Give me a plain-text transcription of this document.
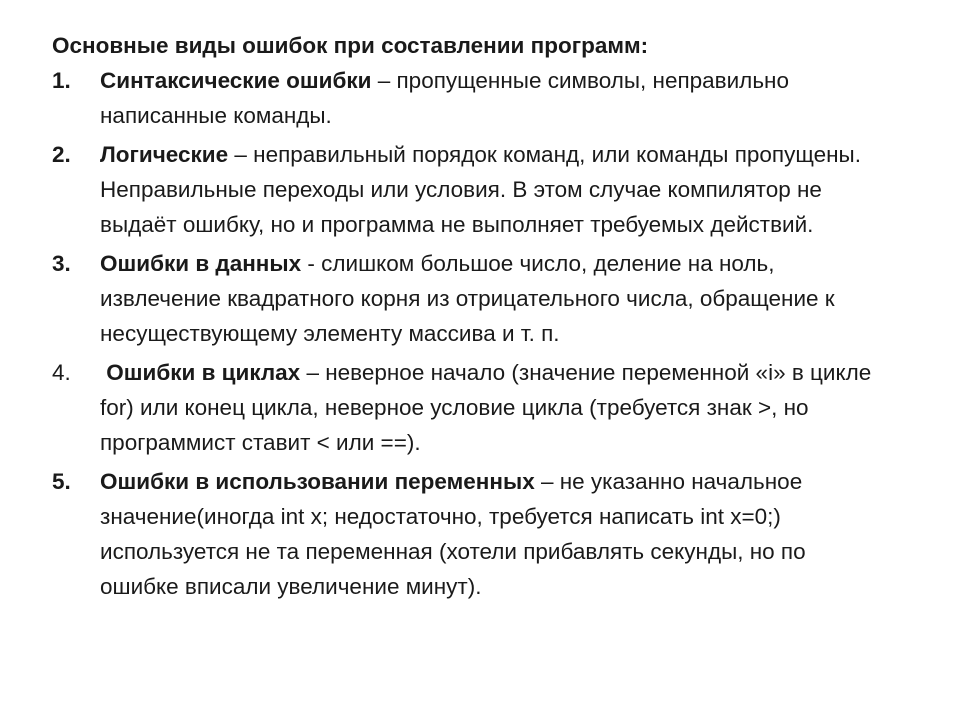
Основные виды ошибок при составлении программ:

1.	Синтаксические ошибки – пропущенные символы, неправильно написанные команды.
2.	Логические – неправильный порядок команд, или команды пропущены. Неправильные переходы или условия. В этом случае компилятор не выдаёт ошибку, но и программа не выполняет требуемых действий.
3.	Ошибки в данных - слишком большое число, деление на ноль, извлечение квадратного корня из отрицательного числа, обращение к несуществующему элементу массива и т. п.
4.	Ошибки в циклах – неверное начало (значение переменной «i» в цикле for) или конец цикла, неверное условие цикла (требуется знак >, но программист ставит < или ==).
5.	Ошибки в использовании переменных – не указанно начальное значение(иногда int x; недостаточно, требуется написать int x=0;) используется не та переменная (хотели прибавлять секунды, но по ошибке вписали увеличение минут).
